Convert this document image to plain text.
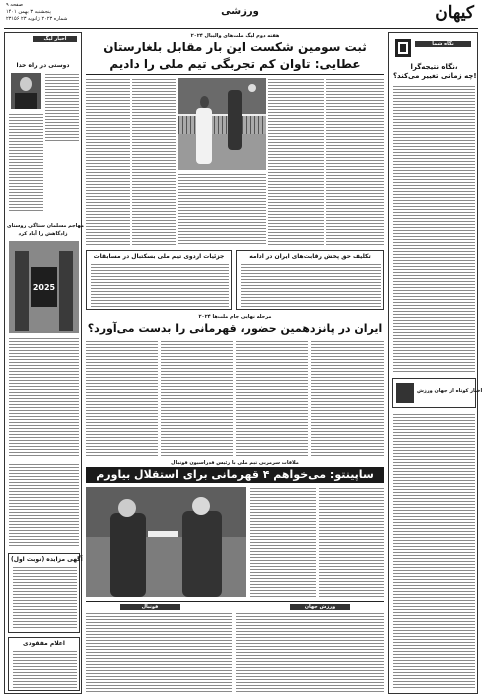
کیهان
ورزشی
صفحه ۹
پنجشنبه ۳ بهمن ۱۴۰۱
۲۳۱۵۶ شماره ۲۰۲۳ ژانویه ۲۳
اخبار لیگ
دوستی در راه خدا
مهاجم مسلمان ستاگی روستای
زادگاهش را آباد کرد
2025
آگهی مزایده (نوبت اول)
اعلام مفقودی
نگاه شما
نگاه نتیجه‌گرا،
چه زمانی تغییر می‌کند؟!
اخبار کوتاه از جهان ورزش
هفته دوم لیگ ملت‌های والیبال ۲۰۲۴
ثبت سومین شکست این بار مقابل بلغارستان
عطایی: تاوان کم تجربگی تیم ملی را دادیم
جزئیات اردوی تیم ملی بسکتبال در مسابقات	تکلیف حق پخش رقابت‌های ایران در ادامه
مرحله نهایی جام ملت‌ها ۲۰۲۴
ایران در پانزدهمین حضور، قهرمانی را بدست می‌آورد؟
ملاقات سرمربی تیم ملی با رئیس فدراسیون فوتبال
ساپینتو: می‌خواهم ۴ قهرمانی برای استقلال بیاورم
فوتبال	ورزش جهان
